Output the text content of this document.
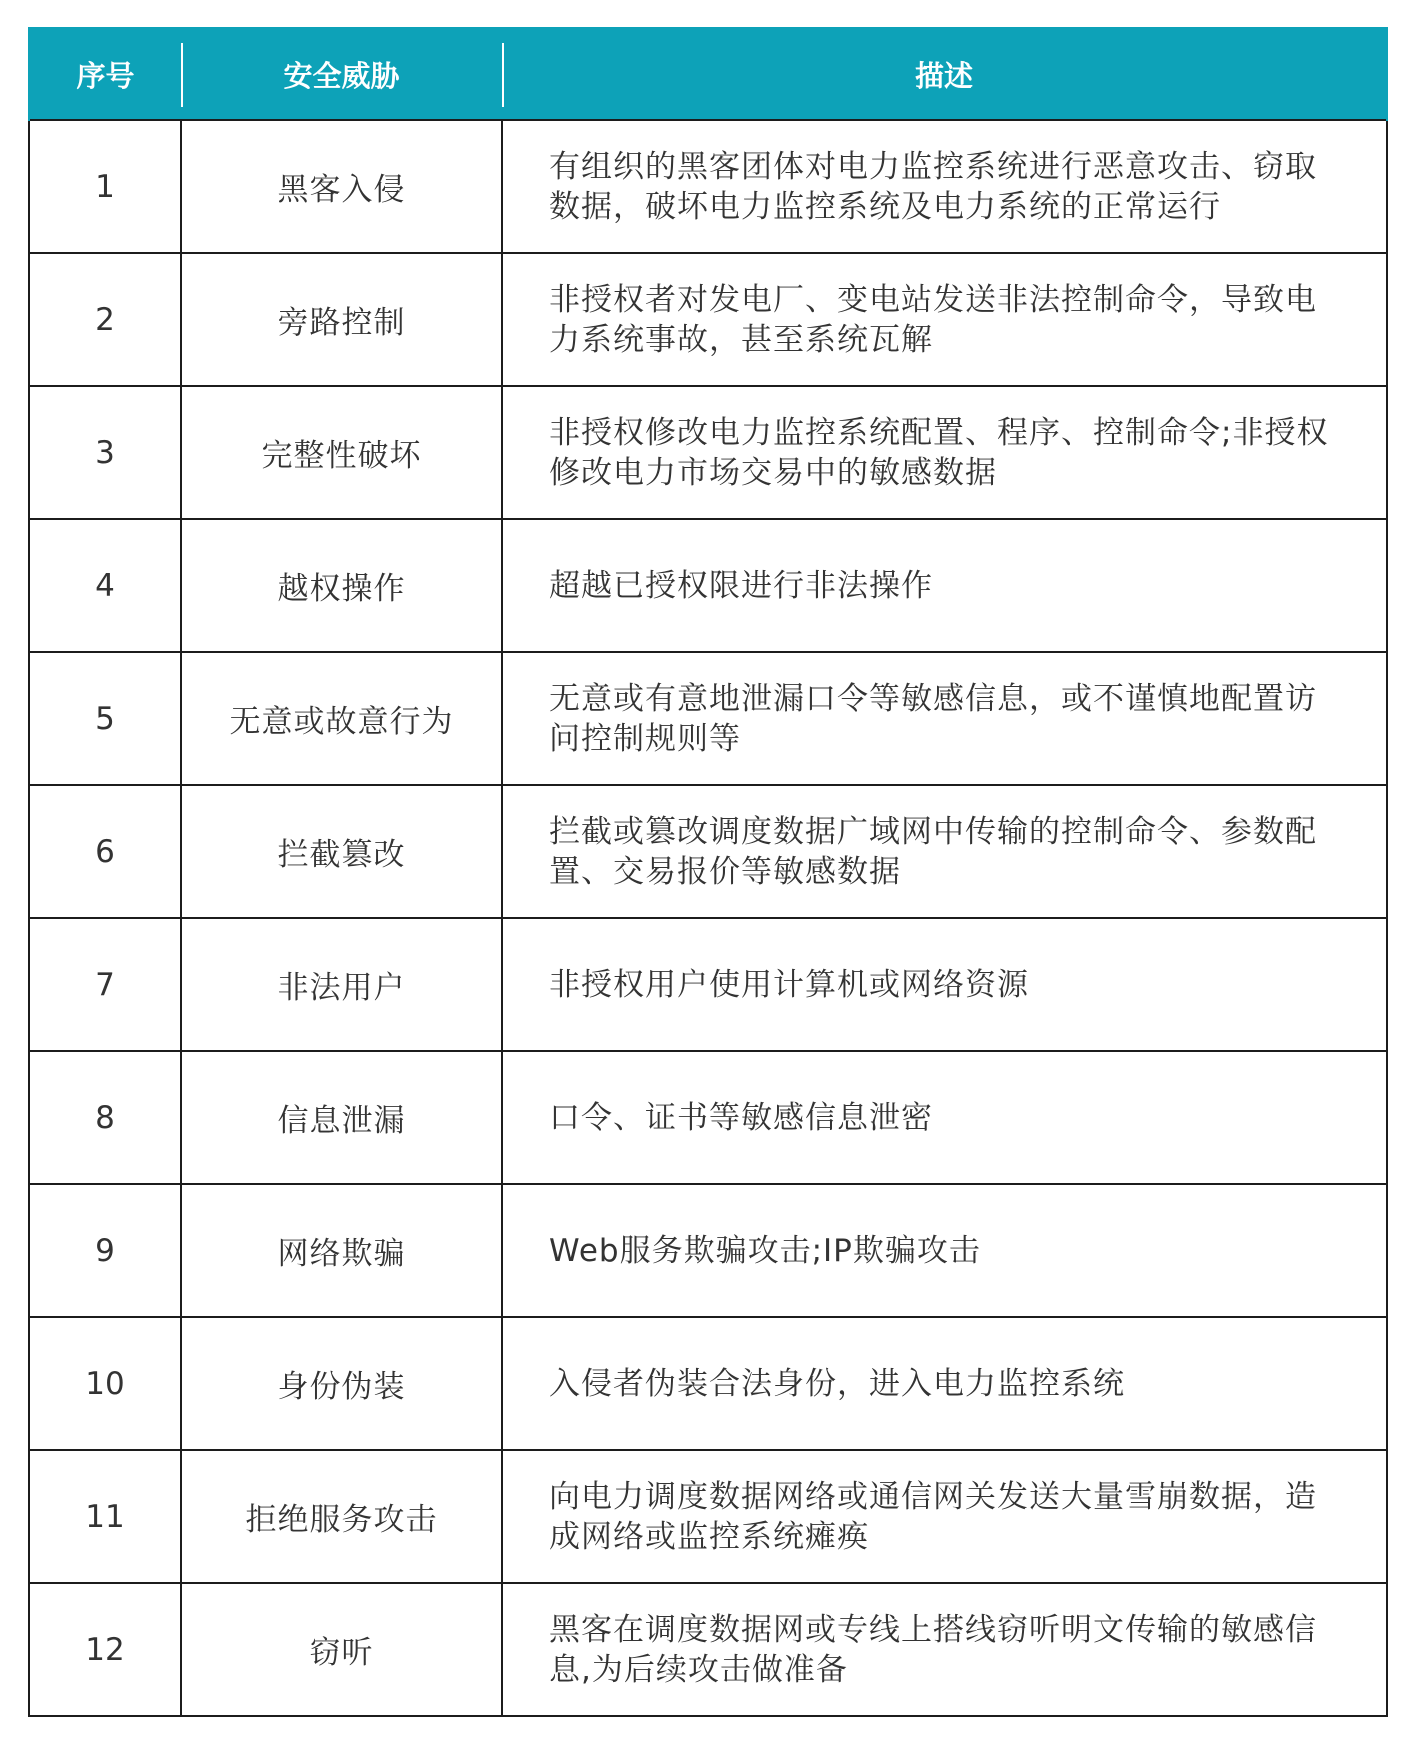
序号	安全威胁	描述
1	黑客入侵	有组织的黑客团体对电力监控系统进行恶意攻击、窃取数据，破坏电力监控系统及电力系统的正常运行
2	旁路控制	非授权者对发电厂、变电站发送非法控制命令，导致电力系统事故，甚至系统瓦解
3	完整性破坏	非授权修改电力监控系统配置、程序、控制命令;非授权修改电力市场交易中的敏感数据
4	越权操作	超越已授权限进行非法操作
5	无意或故意行为	无意或有意地泄漏口令等敏感信息，或不谨慎地配置访问控制规则等
6	拦截篡改	拦截或篡改调度数据广域网中传输的控制命令、参数配置、交易报价等敏感数据
7	非法用户	非授权用户使用计算机或网络资源
8	信息泄漏	口令、证书等敏感信息泄密
9	网络欺骗	Web服务欺骗攻击;IP欺骗攻击
10	身份伪装	入侵者伪装合法身份，进入电力监控系统
11	拒绝服务攻击	向电力调度数据网络或通信网关发送大量雪崩数据，造成网络或监控系统瘫痪
12	窃听	黑客在调度数据网或专线上搭线窃听明文传输的敏感信息,为后续攻击做准备
